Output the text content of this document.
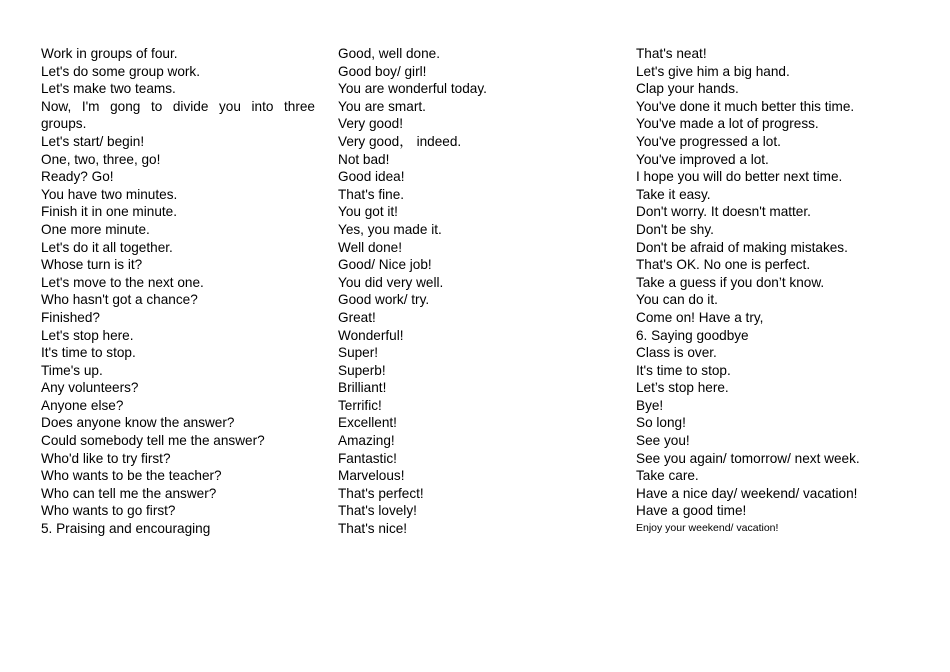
Work in groups of four.
Let's do some group work.
Let's make two teams.
Now, I'm gong to divide you into three groups.
Let's start/ begin!
One, two, three, go!
Ready? Go!
You have two minutes.
Finish it in one minute.
One more minute.
Let's do it all together.
Whose turn is it?
Let's move to the next one.
Who hasn't got a chance?
Finished?
Let's stop here.
It's time to stop.
Time's up.
Any volunteers?
Anyone else?
Does anyone know the answer?
Could somebody tell me the answer?
Who'd like to try first?
Who wants to be the teacher?
Who can tell me the answer?
Who wants to go first?
5. Praising and encouraging
Good, well done.
Good boy/ girl!
You are wonderful today.
You are smart.
Very good!
Very good， indeed.
Not bad!
Good idea!
That's fine.
You got it!
Yes, you made it.
Well done!
Good/ Nice job!
You did very well.
Good work/ try.
Great!
Wonderful!
Super!
Superb!
Brilliant!
Terrific!
Excellent!
Amazing!
Fantastic!
Marvelous!
That's perfect!
That's lovely!
That's nice!
That's neat!
Let's give him a big hand.
Clap your hands.
You've done it much better this time.
You've made a lot of progress.
You've progressed a lot.
You've improved a lot.
I hope you will do better next time.
Take it easy.
Don't worry. It doesn't matter.
Don't be shy.
Don't be afraid of making mistakes.
That's OK. No one is perfect.
Take a guess if you don’t know.
You can do it.
Come on! Have a try,
6. Saying goodbye
Class is over.
It's time to stop.
Let’s stop here.
Bye!
So long!
See you!
See you again/ tomorrow/ next week.
Take care.
Have a nice day/ weekend/ vacation!
Have a good time!
Enjoy your weekend/ vacation!
